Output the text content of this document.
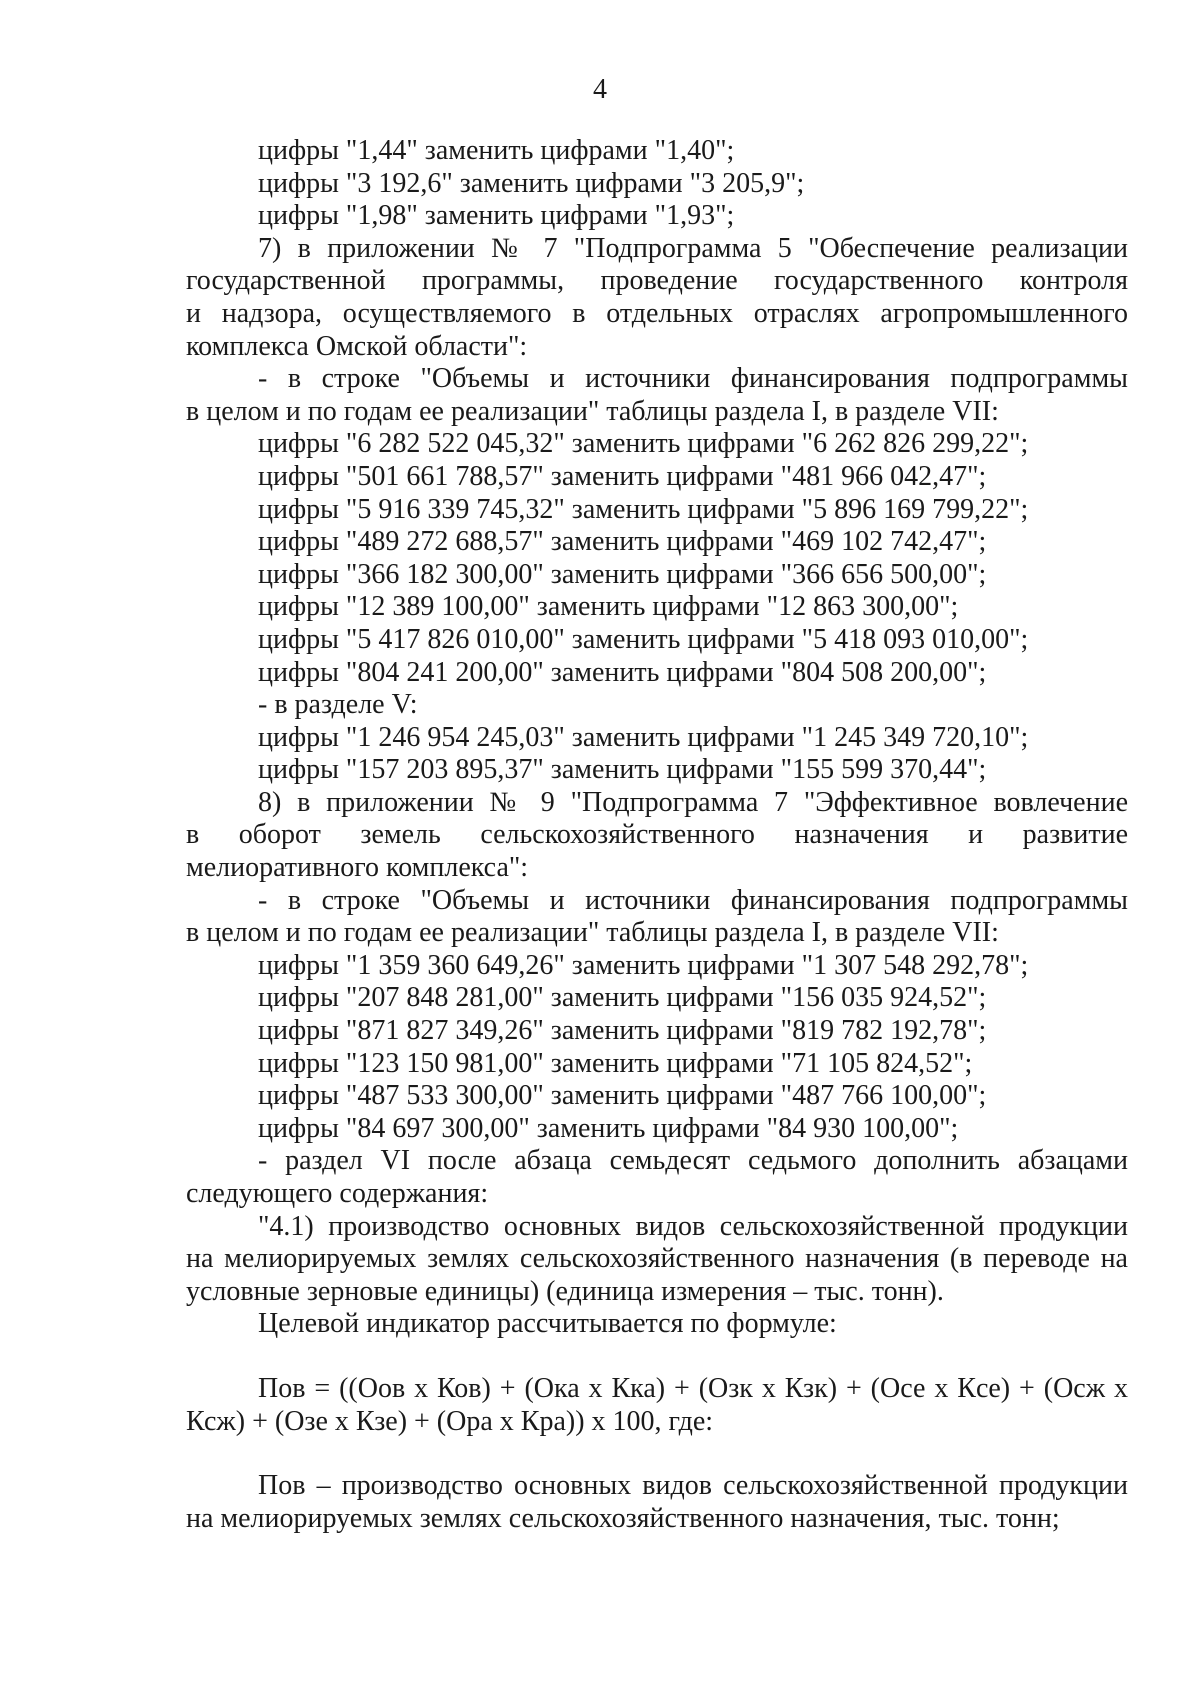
4
цифры "1,44" заменить цифрами "1,40";
цифры "3 192,6" заменить цифрами "3 205,9";
цифры "1,98" заменить цифрами "1,93";
7) в приложении № 7 "Подпрограмма 5 "Обеспечение реализации
государственной программы, проведение государственного контроля
и надзора, осуществляемого в отдельных отраслях агропромышленного
комплекса Омской области":
- в строке "Объемы и источники финансирования подпрограммы
в целом и по годам ее реализации" таблицы раздела I, в разделе VII:
цифры "6 282 522 045,32" заменить цифрами "6 262 826 299,22";
цифры "501 661 788,57" заменить цифрами "481 966 042,47";
цифры "5 916 339 745,32" заменить цифрами "5 896 169 799,22";
цифры "489 272 688,57" заменить цифрами "469 102 742,47";
цифры "366 182 300,00" заменить цифрами "366 656 500,00";
цифры "12 389 100,00" заменить цифрами "12 863 300,00";
цифры "5 417 826 010,00" заменить цифрами "5 418 093 010,00";
цифры "804 241 200,00" заменить цифрами "804 508 200,00";
- в разделе V:
цифры "1 246 954 245,03" заменить цифрами "1 245 349 720,10";
цифры "157 203 895,37" заменить цифрами "155 599 370,44";
8) в приложении № 9 "Подпрограмма 7 "Эффективное вовлечение
в оборот земель сельскохозяйственного назначения и развитие
мелиоративного комплекса":
- в строке "Объемы и источники финансирования подпрограммы
в целом и по годам ее реализации" таблицы раздела I, в разделе VII:
цифры "1 359 360 649,26" заменить цифрами "1 307 548 292,78";
цифры "207 848 281,00" заменить цифрами "156 035 924,52";
цифры "871 827 349,26" заменить цифрами "819 782 192,78";
цифры "123 150 981,00" заменить цифрами "71 105 824,52";
цифры "487 533 300,00" заменить цифрами "487 766 100,00";
цифры "84 697 300,00" заменить цифрами "84 930 100,00";
- раздел VI после абзаца семьдесят седьмого дополнить абзацами
следующего содержания:
"4.1) производство основных видов сельскохозяйственной продукции
на мелиорируемых землях сельскохозяйственного назначения (в переводе на
условные зерновые единицы) (единица измерения – тыс. тонн).
Целевой индикатор рассчитывается по формуле:
Пов = ((Оов х Ков) + (Ока х Кка) + (Озк х Кзк) + (Осе х Кce) + (Осж х
Ксж) + (Озе х Кзе) + (Ора х Кра)) х 100, где:
Пов – производство основных видов сельскохозяйственной продукции
на мелиорируемых землях сельскохозяйственного назначения, тыс. тонн;
